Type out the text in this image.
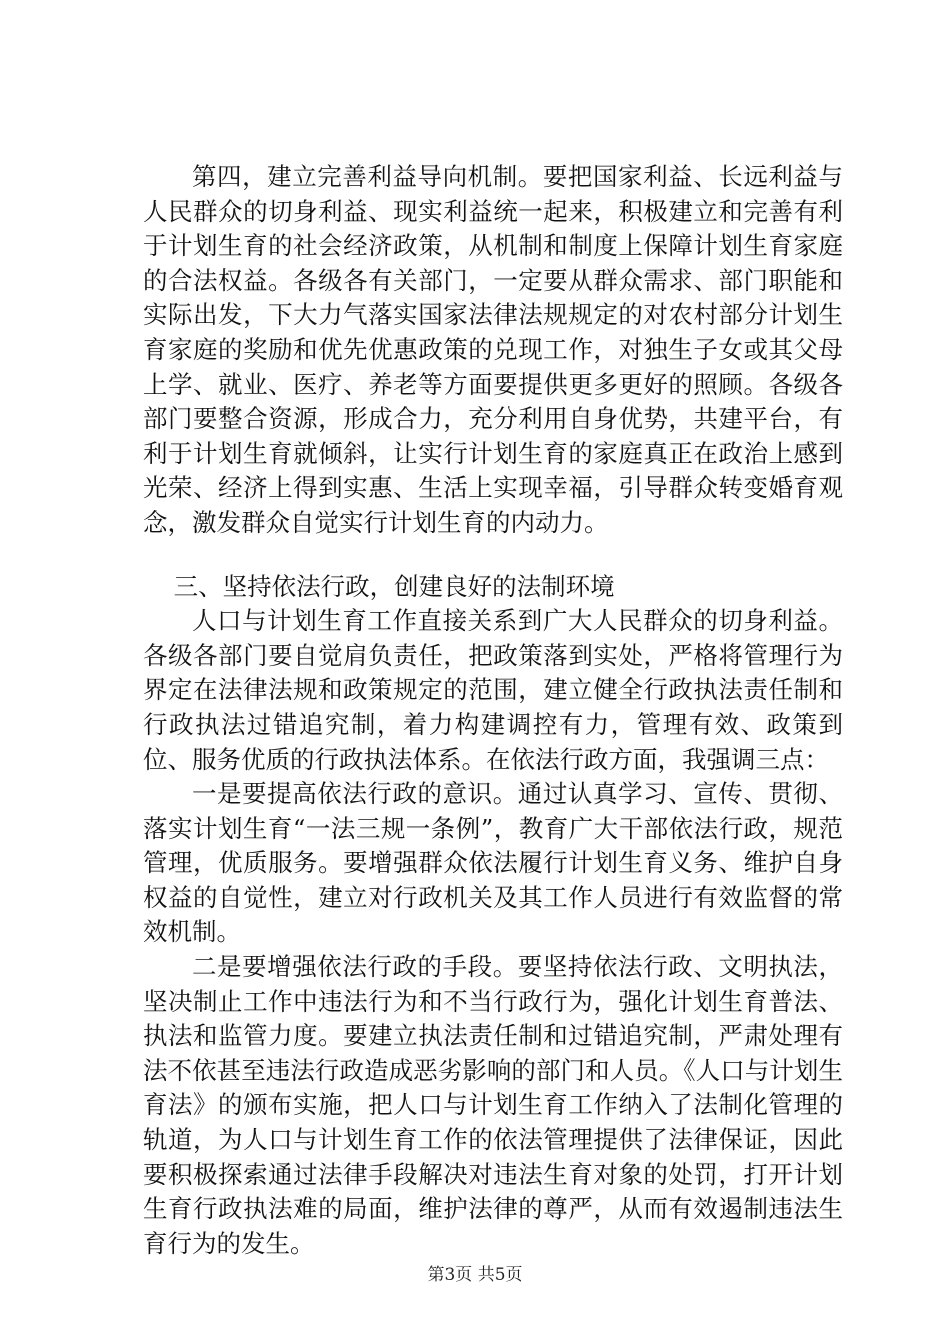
第四，建立完善利益导向机制。要把国家利益、长远利益与人民群众的切身利益、现实利益统一起来，积极建立和完善有利于计划生育的社会经济政策，从机制和制度上保障计划生育家庭的合法权益。各级各有关部门，一定要从群众需求、部门职能和实际出发，下大力气落实国家法律法规规定的对农村部分计划生育家庭的奖励和优先优惠政策的兑现工作，对独生子女或其父母上学、就业、医疗、养老等方面要提供更多更好的照顾。各级各部门要整合资源，形成合力，充分利用自身优势，共建平台，有利于计划生育就倾斜，让实行计划生育的家庭真正在政治上感到光荣、经济上得到实惠、生活上实现幸福，引导群众转变婚育观念，激发群众自觉实行计划生育的内动力。

三、坚持依法行政，创建良好的法制环境

人口与计划生育工作直接关系到广大人民群众的切身利益。各级各部门要自觉肩负责任，把政策落到实处，严格将管理行为界定在法律法规和政策规定的范围，建立健全行政执法责任制和行政执法过错追究制，着力构建调控有力，管理有效、政策到位、服务优质的行政执法体系。在依法行政方面，我强调三点：

一是要提高依法行政的意识。通过认真学习、宣传、贯彻、落实计划生育“一法三规一条例”，教育广大干部依法行政，规范管理，优质服务。要增强群众依法履行计划生育义务、维护自身权益的自觉性，建立对行政机关及其工作人员进行有效监督的常效机制。

二是要增强依法行政的手段。要坚持依法行政、文明执法，坚决制止工作中违法行为和不当行政行为，强化计划生育普法、执法和监管力度。要建立执法责任制和过错追究制，严肃处理有法不依甚至违法行政造成恶劣影响的部门和人员。《人口与计划生育法》的颁布实施，把人口与计划生育工作纳入了法制化管理的轨道，为人口与计划生育工作的依法管理提供了法律保证，因此要积极探索通过法律手段解决对违法生育对象的处罚，打开计划生育行政执法难的局面，维护法律的尊严，从而有效遏制违法生育行为的发生。

第3页 共5页
